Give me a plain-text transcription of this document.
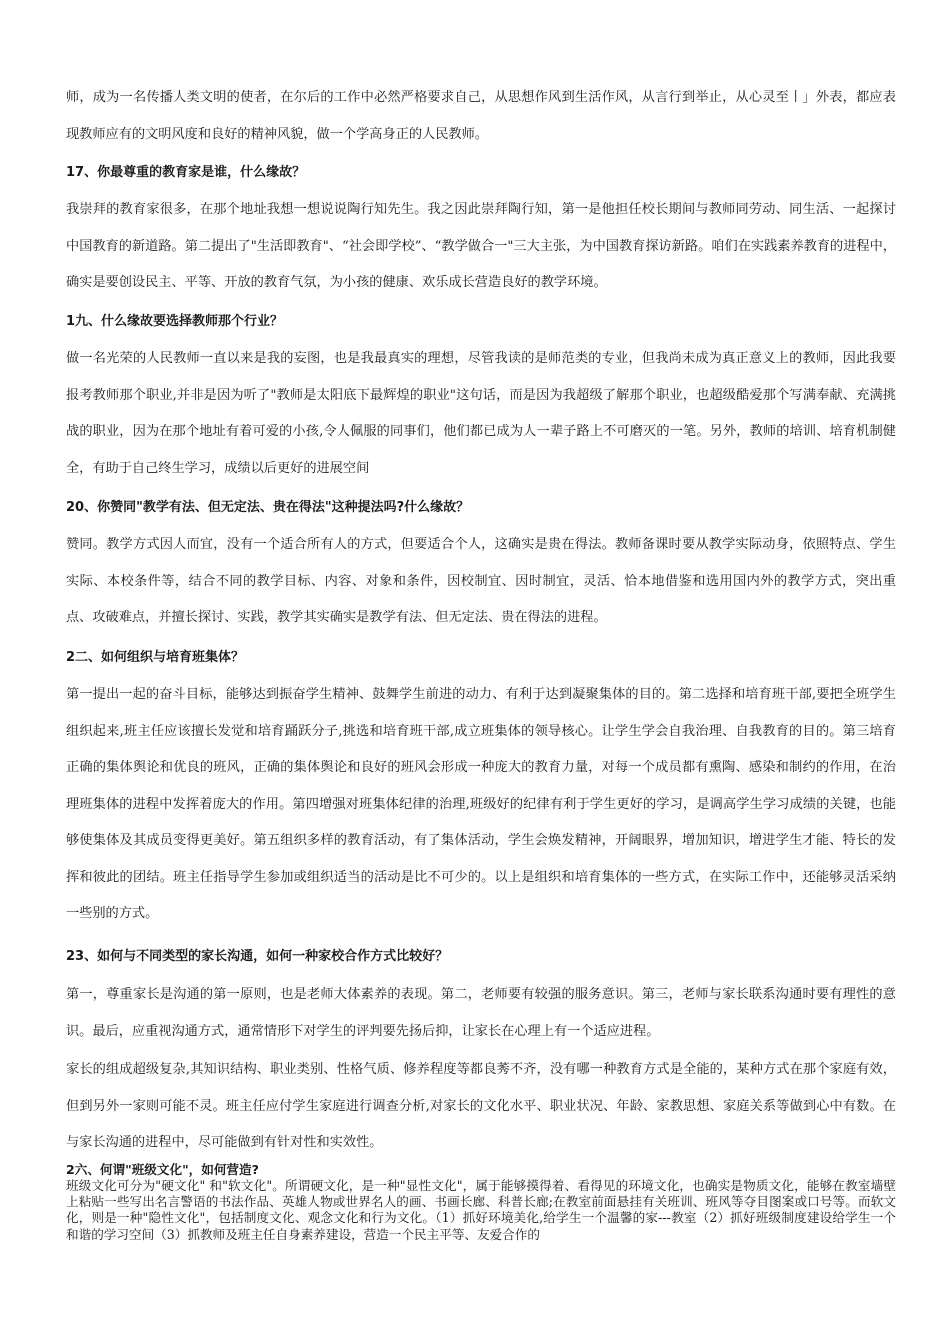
师，成为一名传播人类文明的使者，在尔后的工作中必然严格要求自己，从思想作风到生活作风，从言行到举止，从心灵至丨」外表，都应表现教师应有的文明风度和良好的精神风貌，做一个学高身正的人民教师。

17、你最尊重的教育家是谁，什么缘故？

我崇拜的教育家很多，在那个地址我想一想说说陶行知先生。我之因此崇拜陶行知，第一是他担任校长期间与教师同劳动、同生活、一起探讨中国教育的新道路。第二提出了"生活即教育"、“社会即学校”、“教学做合一"三大主张，为中国教育探访新路。咱们在实践素养教育的进程中，确实是要创设民主、平等、开放的教育气氛，为小孩的健康、欢乐成长营造良好的教学环境。

1九、什么缘故要选择教师那个行业？

做一名光荣的人民教师一直以来是我的妄图，也是我最真实的理想，尽管我读的是师范类的专业，但我尚未成为真正意义上的教师，因此我要报考教师那个职业,并非是因为听了"教师是太阳底下最辉煌的职业"这句话，而是因为我超级了解那个职业，也超级酷爱那个写满奉献、充满挑战的职业，因为在那个地址有着可爱的小孩,令人佩服的同事们，他们都已成为人一辈子路上不可磨灭的一笔。另外，教师的培训、培育机制健全，有助于自己终生学习，成绩以后更好的进展空间

20、你赞同"教学有法、但无定法、贵在得法"这种提法吗?什么缘故？

赞同。教学方式因人而宜，没有一个适合所有人的方式，但要适合个人，这确实是贵在得法。教师备课时要从教学实际动身，依照特点、学生实际、本校条件等，结合不同的教学目标、内容、对象和条件，因校制宜、因时制宜，灵活、恰本地借鉴和选用国内外的教学方式，突出重点、攻破难点，并擅长探讨、实践，教学其实确实是教学有法、但无定法、贵在得法的进程。

2二、如何组织与培育班集体？

第一提出一起的奋斗目标，能够达到振奋学生精神、鼓舞学生前进的动力、有利于达到凝聚集体的目的。第二选择和培育班干部,要把全班学生组织起来,班主任应该擅长发觉和培育踊跃分子,挑选和培育班干部,成立班集体的领导核心。让学生学会自我治理、自我教育的目的。第三培育正确的集体舆论和优良的班风，正确的集体舆论和良好的班风会形成一种庞大的教育力量，对每一个成员都有熏陶、感染和制约的作用，在治理班集体的进程中发挥着庞大的作用。第四增强对班集体纪律的治理,班级好的纪律有利于学生更好的学习，是调高学生学习成绩的关键，也能够使集体及其成员变得更美好。第五组织多样的教育活动，有了集体活动，学生会焕发精神，开阔眼界，增加知识，增进学生才能、特长的发挥和彼此的团结。班主任指导学生参加或组织适当的活动是比不可少的。以上是组织和培育集体的一些方式，在实际工作中，还能够灵活采纳一些别的方式。

23、如何与不同类型的家长沟通，如何一种家校合作方式比较好？

第一，尊重家长是沟通的第一原则，也是老师大体素养的表现。第二，老师要有较强的服务意识。第三，老师与家长联系沟通时要有理性的意识。最后，应重视沟通方式，通常情形下对学生的评判要先扬后抑，让家长在心理上有一个适应进程。

家长的组成超级复杂,其知识结构、职业类别、性格气质、修养程度等都良莠不齐，没有哪一种教育方式是全能的，某种方式在那个家庭有效，但到另外一家则可能不灵。班主任应付学生家庭进行调查分析,对家长的文化水平、职业状况、年龄、家教思想、家庭关系等做到心中有数。在与家长沟通的进程中，尽可能做到有针对性和实效性。

2六、何谓"班级文化"，如何营造?

班级文化可分为"硬文化" 和"软文化"。所谓硬文化，是一种"显性文化"，属于能够摸得着、看得见的环境文化，也确实是物质文化，能够在教室墙壁上粘贴一些写出名言警语的书法作品、英雄人物或世界名人的画、书画长廊、科普长廊;在教室前面悬挂有关班训、班风等夺目图案或口号等。而软文化，则是一种"隐性文化"，包括制度文化、观念文化和行为文化。（1）抓好环境美化,给学生一个温馨的家---教室（2）抓好班级制度建设给学生一个和谐的学习空间（3）抓教师及班主任自身素养建设，营造一个民主平等、友爱合作的
